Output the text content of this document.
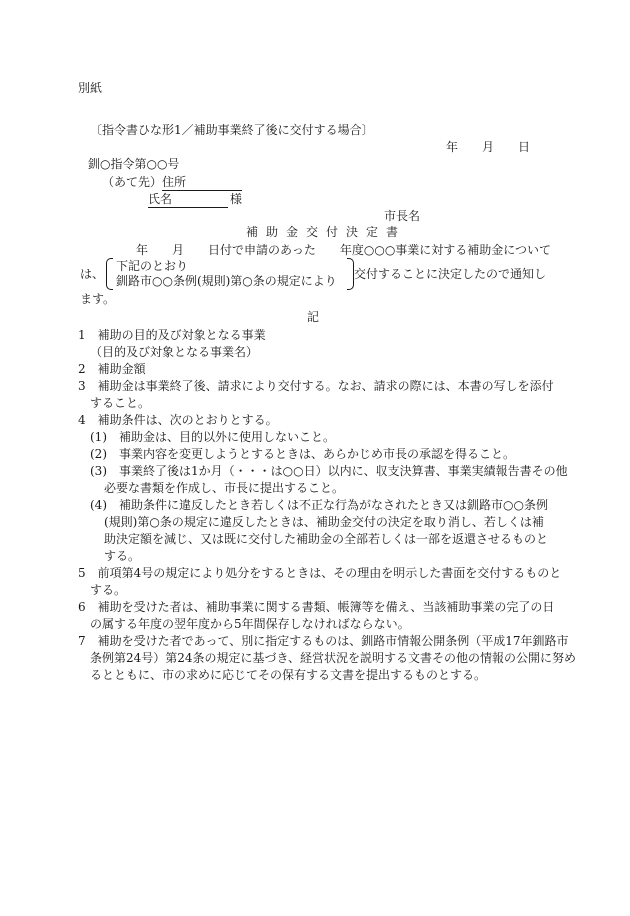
別紙
〔指令書ひな形1／補助事業終了後に交付する場合〕
年　　月　　日
釧○指令第○○号
（あて先）住所
氏名	様
市長名
補助金交付決定書
年　　月　　日付で申請のあった　　年度○○○事業に対する補助金について
は、
下記のとおり
釧路市○○条例(規則)第○条の規定により 交付することに決定したので通知し
ます。
記
1　補助の目的及び対象となる事業
（目的及び対象となる事業名）
2　補助金額
3　補助金は事業終了後、請求により交付する。なお、請求の際には、本書の写しを添付
すること。
4　補助条件は、次のとおりとする。
(1)　補助金は、目的以外に使用しないこと。
(2)　事業内容を変更しようとするときは、あらかじめ市長の承認を得ること。
(3)　事業終了後は1か月（・・・は○○日）以内に、収支決算書、事業実績報告書その他
必要な書類を作成し、市長に提出すること。
(4)　補助条件に違反したとき若しくは不正な行為がなされたとき又は釧路市○○条例
(規則)第○条の規定に違反したときは、補助金交付の決定を取り消し、若しくは補
助決定額を減じ、又は既に交付した補助金の全部若しくは一部を返還させるものと
する。
5　前項第4号の規定により処分をするときは、その理由を明示した書面を交付するものと
する。
6　補助を受けた者は、補助事業に関する書類、帳簿等を備え、当該補助事業の完了の日
の属する年度の翌年度から5年間保存しなければならない。
7　補助を受けた者であって、別に指定するものは、釧路市情報公開条例（平成17年釧路市
条例第24号）第24条の規定に基づき、経営状況を説明する文書その他の情報の公開に努め
るとともに、市の求めに応じてその保有する文書を提出するものとする。
